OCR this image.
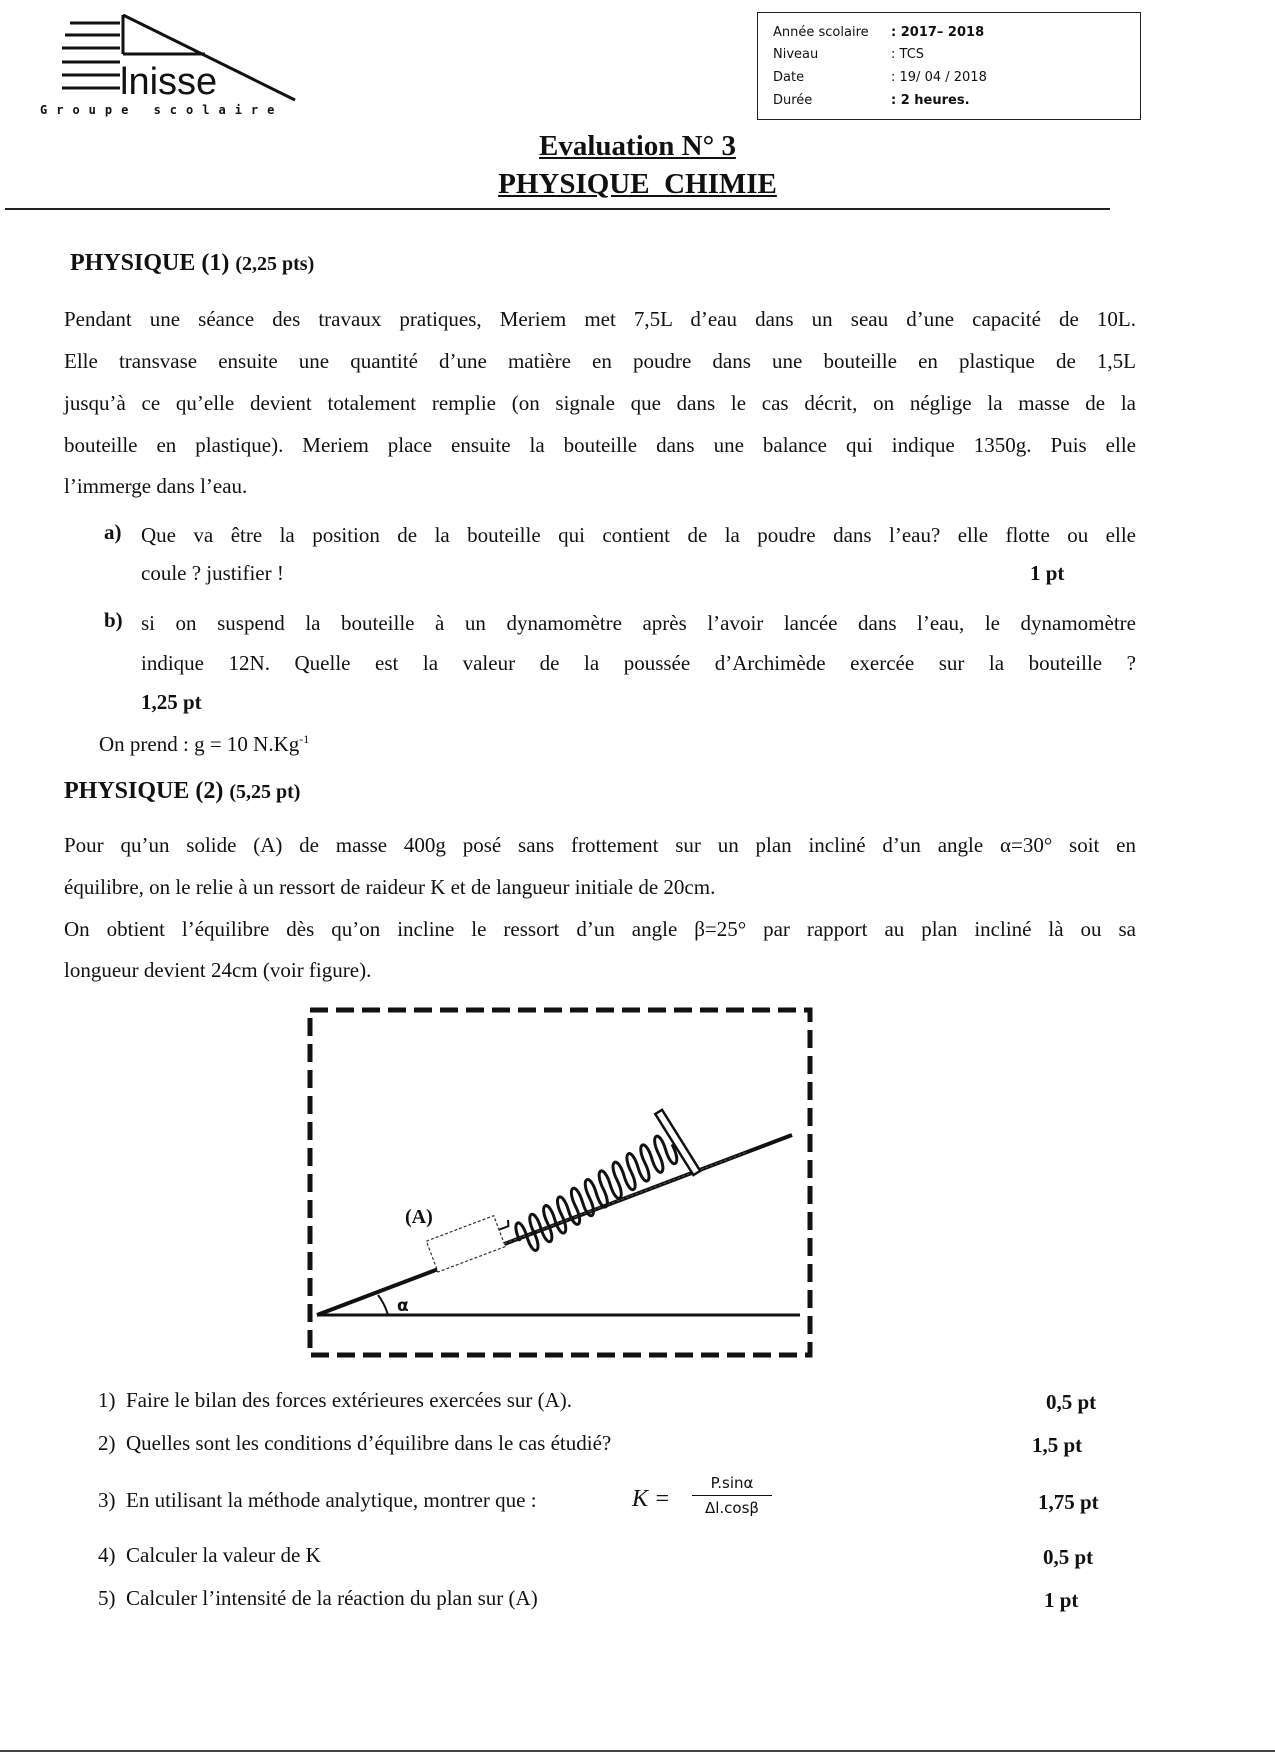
lnisse
Groupe scolaire
Année scolaire : 2017– 2018
Niveau	: TCS
Date	: 19/ 04 / 2018
Durée	: 2 heures.
Evaluation N° 3
PHYSIQUE  CHIMIE
PHYSIQUE (1) (2,25 pts)
Pendant une séance des travaux pratiques, Meriem met 7,5L d’eau dans un seau d’une capacité de 10L.
Elle transvase ensuite une quantité d’une matière en poudre dans une bouteille en plastique de 1,5L
jusqu’à ce qu’elle devient totalement remplie (on signale que dans le cas décrit, on néglige la masse de la
bouteille en plastique). Meriem place ensuite la bouteille dans une balance qui indique 1350g. Puis elle
l’immerge dans l’eau.
a) Que va être la position de la bouteille qui contient de la poudre dans l’eau? elle flotte ou elle
coule ? justifier !	1 pt
b) si on suspend la bouteille à un dynamomètre après l’avoir lancée dans l’eau, le dynamomètre
indique 12N. Quelle est la valeur de la poussée d’Archimède exercée sur la bouteille ?
1,25 pt
On prend : g = 10 $N.Kg^{-1}$
PHYSIQUE (2) (5,25 pt)
Pour qu’un solide (A) de masse 400g posé sans frottement sur un plan incliné d’un angle α=30° soit en
équilibre, on le relie à un ressort de raideur K et de langueur initiale de 20cm.
On obtient l’équilibre dès qu’on incline le ressort d’un angle β=25° par rapport au plan incliné là ou sa
longueur devient 24cm (voir figure).
(A)
α
1) Faire le bilan des forces extérieures exercées sur (A).	0,5 pt
2) Quelles sont les conditions d’équilibre dans le cas étudié?	1,5 pt
3) En utilisant la méthode analytique, montrer que :	$K = \frac{P.\sin\alpha}{\Delta l.\cos\beta}$	1,75 pt
4) Calculer la valeur de K	0,5 pt
5) Calculer l’intensité de la réaction du plan sur (A)	1 pt
